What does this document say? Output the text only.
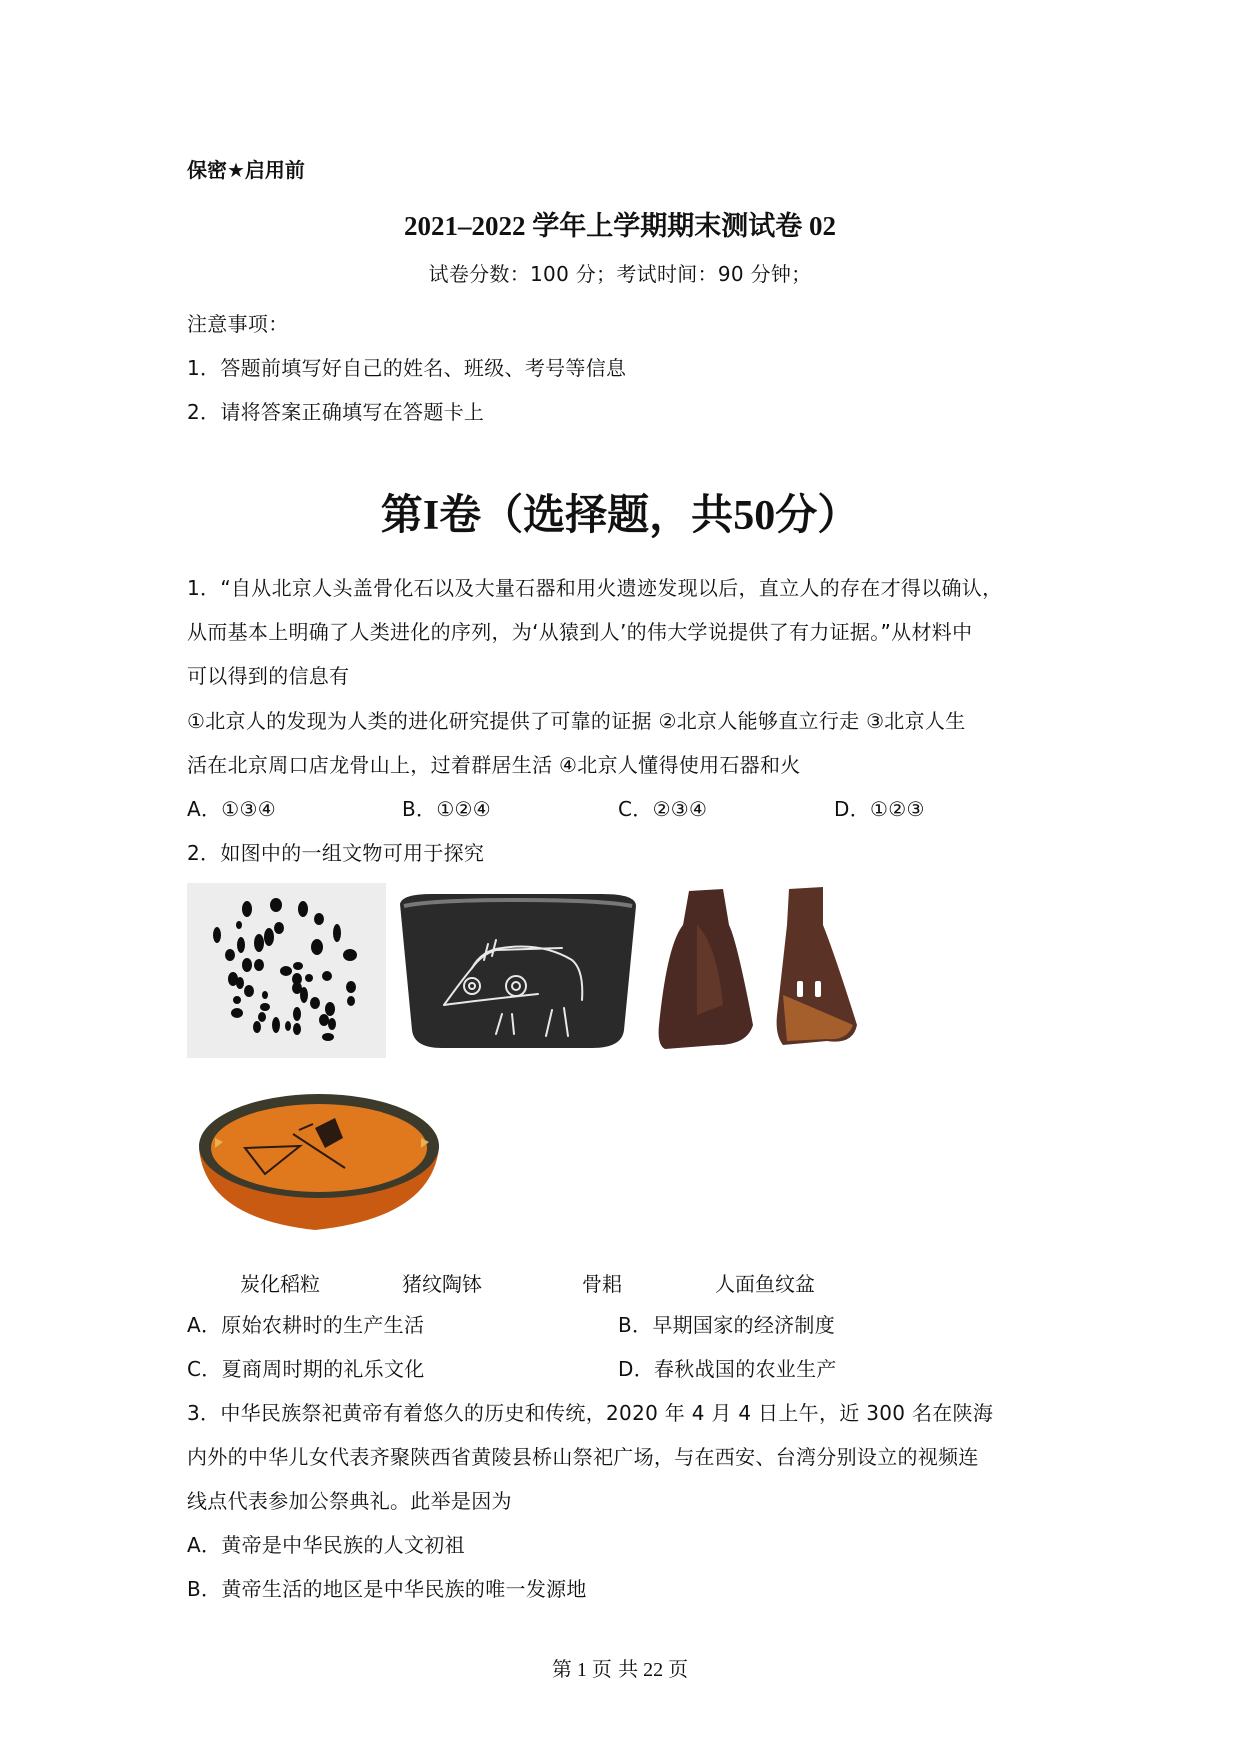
保密★启用前
2021–2022 学年上学期期末测试卷 02
试卷分数：100 分；考试时间：90 分钟；
注意事项：
1．答题前填写好自己的姓名、班级、考号等信息
2．请将答案正确填写在答题卡上
第I卷（选择题，共50分）
1．“自从北京人头盖骨化石以及大量石器和用火遗迹发现以后，直立人的存在才得以确认，
从而基本上明确了人类进化的序列，为‘从猿到人’的伟大学说提供了有力证据。”从材料中
可以得到的信息有
①北京人的发现为人类的进化研究提供了可靠的证据 ②北京人能够直立行走 ③北京人生
活在北京周口店龙骨山上，过着群居生活 ④北京人懂得使用石器和火
A．①③④	B．①②④	C．②③④	D．①②③
2．如图中的一组文物可用于探究
炭化稻粒	猪纹陶钵	骨耜	人面鱼纹盆
A．原始农耕时的生产生活	B．早期国家的经济制度
C．夏商周时期的礼乐文化	D．春秋战国的农业生产
3．中华民族祭祀黄帝有着悠久的历史和传统，2020 年 4 月 4 日上午，近 300 名在陕海
内外的中华儿女代表齐聚陕西省黄陵县桥山祭祀广场，与在西安、台湾分别设立的视频连
线点代表参加公祭典礼。此举是因为
A．黄帝是中华民族的人文初祖
B．黄帝生活的地区是中华民族的唯一发源地
第 1 页 共 22 页
